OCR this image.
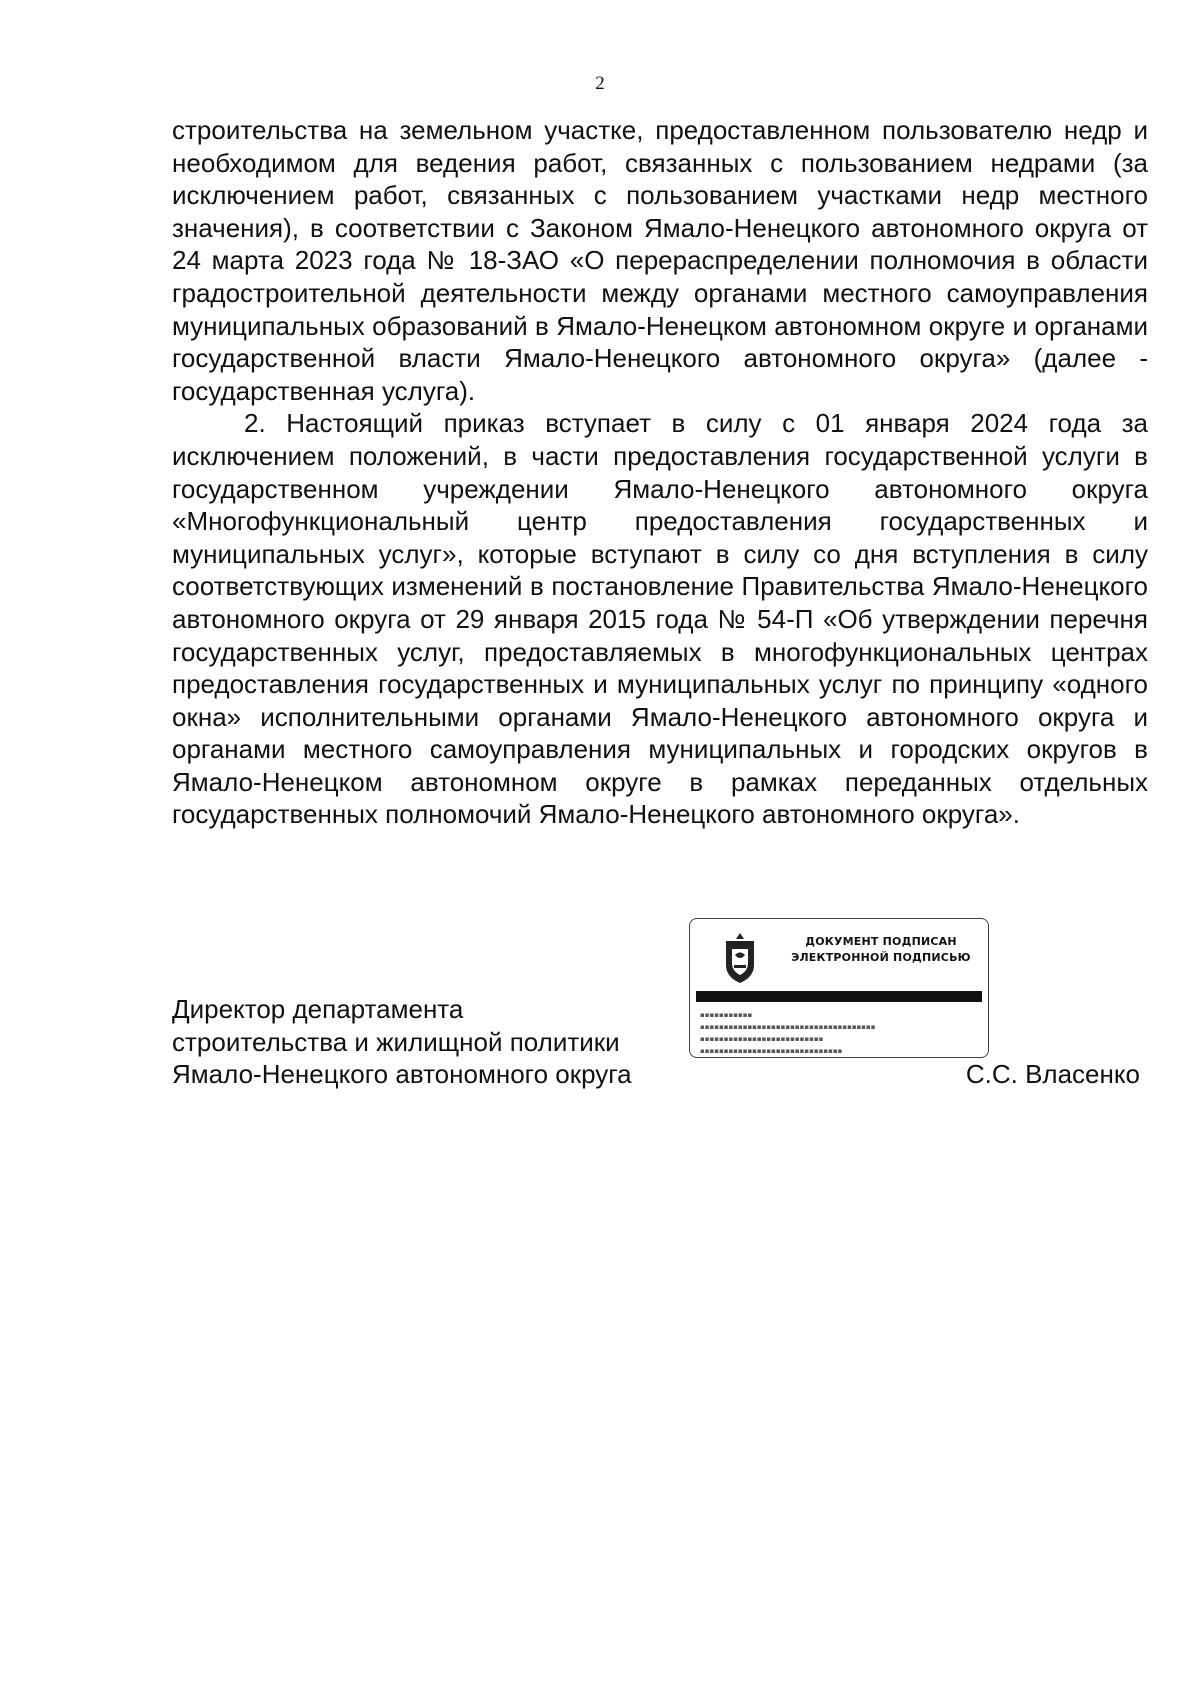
2

строительства на земельном участке, предоставленном пользователю недр и необходимом для ведения работ, связанных с пользованием недрами (за исключением работ, связанных с пользованием участками недр местного значения), в соответствии с Законом Ямало-Ненецкого автономного округа от 24 марта 2023 года № 18-ЗАО «О перераспределении полномочия в области градостроительной деятельности между органами местного самоуправления муниципальных образований в Ямало-Ненецком автономном округе и органами государственной власти Ямало-Ненецкого автономного округа» (далее - государственная услуга).

2. Настоящий приказ вступает в силу с 01 января 2024 года за исключением положений, в части предоставления государственной услуги в государственном учреждении Ямало-Ненецкого автономного округа «Многофункциональный центр предоставления государственных и муниципальных услуг», которые вступают в силу со дня вступления в силу соответствующих изменений в постановление Правительства Ямало-Ненецкого автономного округа от 29 января 2015 года № 54-П «Об утверждении перечня государственных услуг, предоставляемых в многофункциональных центрах предоставления государственных и муниципальных услуг по принципу «одного окна» исполнительными органами Ямало-Ненецкого автономного округа и органами местного самоуправления муниципальных и городских округов в Ямало-Ненецком автономном округе в рамках переданных отдельных государственных полномочий Ямало-Ненецкого автономного округа».

ДОКУМЕНТ ПОДПИСАН
ЭЛЕКТРОННОЙ ПОДПИСЬЮ
▪▪▪▪▪▪▪▪▪▪▪
▪▪▪▪▪▪▪▪▪▪▪▪▪▪▪▪▪▪▪▪▪▪▪▪▪▪▪▪▪▪▪▪▪▪▪▪▪
▪▪▪▪▪▪▪▪▪▪▪▪▪▪▪▪▪▪▪▪▪▪▪▪▪▪
▪▪▪▪▪▪▪▪▪▪▪▪▪▪▪▪▪▪▪▪▪▪▪▪▪▪▪▪▪▪
Директор департамента
строительства и жилищной политики
Ямало-Ненецкого автономного округа	С.С. Власенко
